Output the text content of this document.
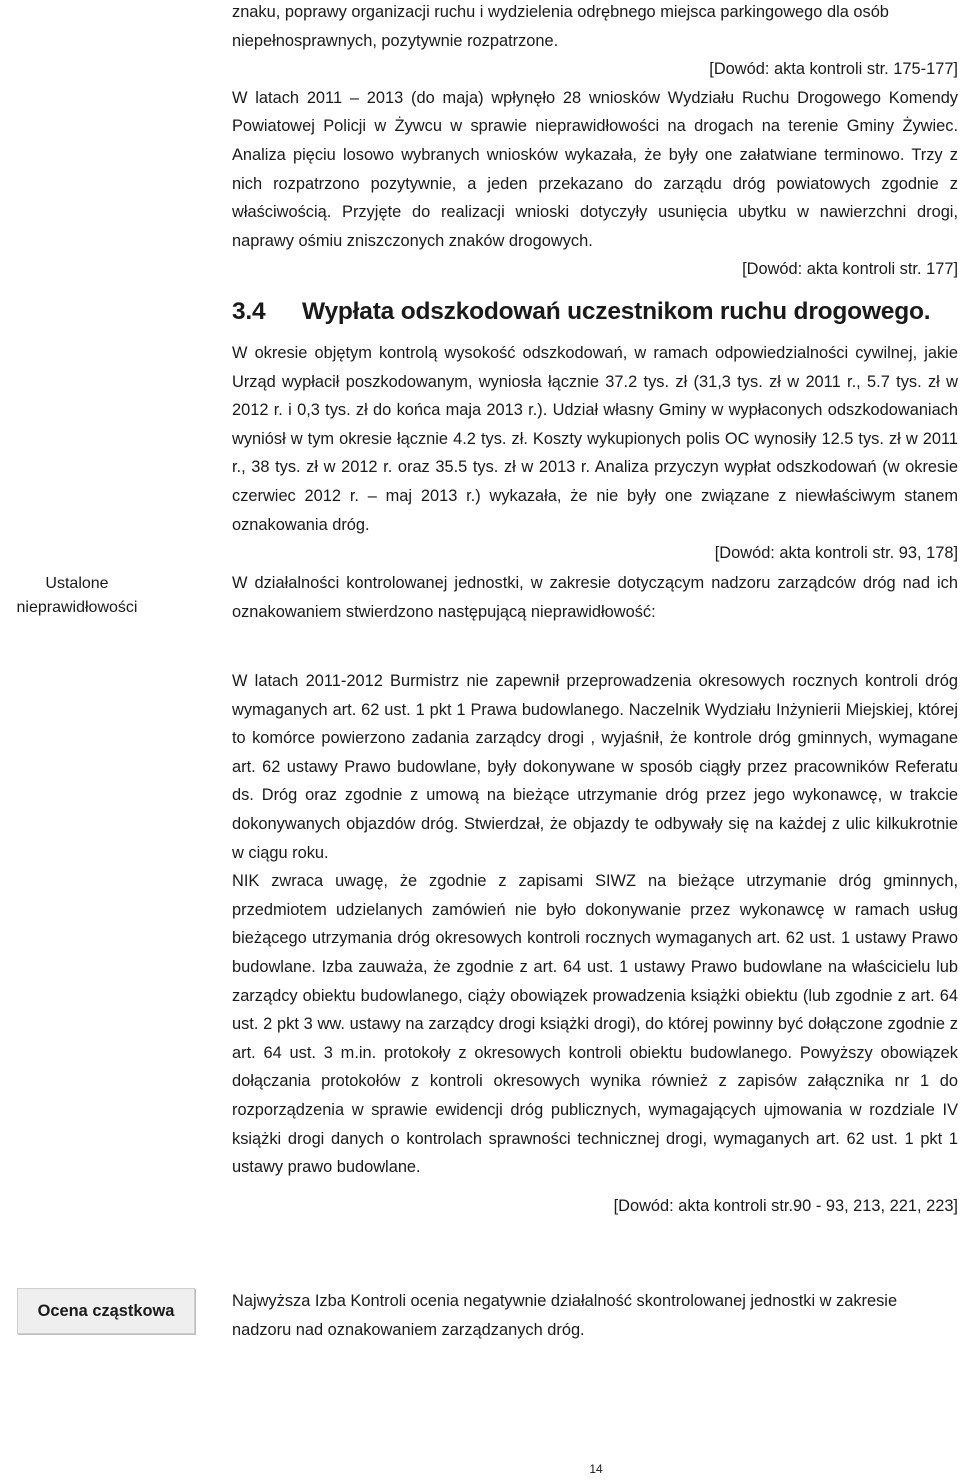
znaku, poprawy organizacji ruchu i wydzielenia odrębnego miejsca parkingowego dla osób niepełnosprawnych, pozytywnie rozpatrzone.

[Dowód: akta kontroli str. 175-177]

W latach 2011 – 2013 (do maja) wpłynęło 28 wniosków Wydziału Ruchu Drogowego Komendy Powiatowej Policji w Żywcu w sprawie nieprawidłowości na drogach na terenie Gminy Żywiec. Analiza pięciu losowo wybranych wniosków wykazała, że były one załatwiane terminowo. Trzy z nich rozpatrzono pozytywnie, a jeden przekazano do zarządu dróg powiatowych zgodnie z właściwością. Przyjęte do realizacji wnioski dotyczyły usunięcia ubytku w nawierzchni drogi, naprawy ośmiu zniszczonych znaków drogowych.

[Dowód: akta kontroli str. 177]

3.4 Wypłata odszkodowań uczestnikom ruchu drogowego.

W okresie objętym kontrolą wysokość odszkodowań, w ramach odpowiedzialności cywilnej, jakie Urząd wypłacił poszkodowanym, wyniosła łącznie 37.2 tys. zł (31,3 tys. zł w 2011 r., 5.7 tys. zł w 2012 r. i 0,3 tys. zł do końca maja 2013 r.). Udział własny Gminy w wypłaconych odszkodowaniach wyniósł w tym okresie łącznie 4.2 tys. zł. Koszty wykupionych polis OC wynosiły 12.5 tys. zł w 2011 r., 38 tys. zł w 2012 r. oraz 35.5 tys. zł w 2013 r. Analiza przyczyn wypłat odszkodowań (w okresie czerwiec 2012 r. – maj 2013 r.) wykazała, że nie były one związane z niewłaściwym stanem oznakowania dróg.

[Dowód: akta kontroli str. 93, 178]

Ustalone nieprawidłowości

W działalności kontrolowanej jednostki, w zakresie dotyczącym nadzoru zarządców dróg nad ich oznakowaniem stwierdzono następującą nieprawidłowość:

W latach 2011-2012 Burmistrz nie zapewnił przeprowadzenia okresowych rocznych kontroli dróg wymaganych art. 62 ust. 1 pkt 1 Prawa budowlanego. Naczelnik Wydziału Inżynierii Miejskiej, której to komórce powierzono zadania zarządcy drogi , wyjaśnił, że kontrole dróg gminnych, wymagane art. 62 ustawy Prawo budowlane, były dokonywane w sposób ciągły przez pracowników Referatu ds. Dróg oraz zgodnie z umową na bieżące utrzymanie dróg przez jego wykonawcę, w trakcie dokonywanych objazdów dróg. Stwierdzał, że objazdy te odbywały się na każdej z ulic kilkukrotnie w ciągu roku.

NIK zwraca uwagę, że zgodnie z zapisami SIWZ na bieżące utrzymanie dróg gminnych, przedmiotem udzielanych zamówień nie było dokonywanie przez wykonawcę w ramach usług bieżącego utrzymania dróg okresowych kontroli rocznych wymaganych art. 62 ust. 1 ustawy Prawo budowlane. Izba zauważa, że zgodnie z art. 64 ust. 1 ustawy Prawo budowlane na właścicielu lub zarządcy obiektu budowlanego, ciąży obowiązek prowadzenia książki obiektu (lub zgodnie z art. 64 ust. 2 pkt 3 ww. ustawy na zarządcy drogi książki drogi), do której powinny być dołączone zgodnie z art. 64 ust. 3 m.in. protokoły z okresowych kontroli obiektu budowlanego. Powyższy obowiązek dołączania protokołów z kontroli okresowych wynika również z zapisów załącznika nr 1 do rozporządzenia w sprawie ewidencji dróg publicznych, wymagających ujmowania w rozdziale IV książki drogi danych o kontrolach sprawności technicznej drogi, wymaganych art. 62 ust. 1 pkt 1 ustawy prawo budowlane.

[Dowód: akta kontroli str.90 - 93, 213, 221, 223]

Ocena cząstkowa

Najwyższa Izba Kontroli ocenia negatywnie działalność skontrolowanej jednostki w zakresie nadzoru nad oznakowaniem zarządzanych dróg.

14
